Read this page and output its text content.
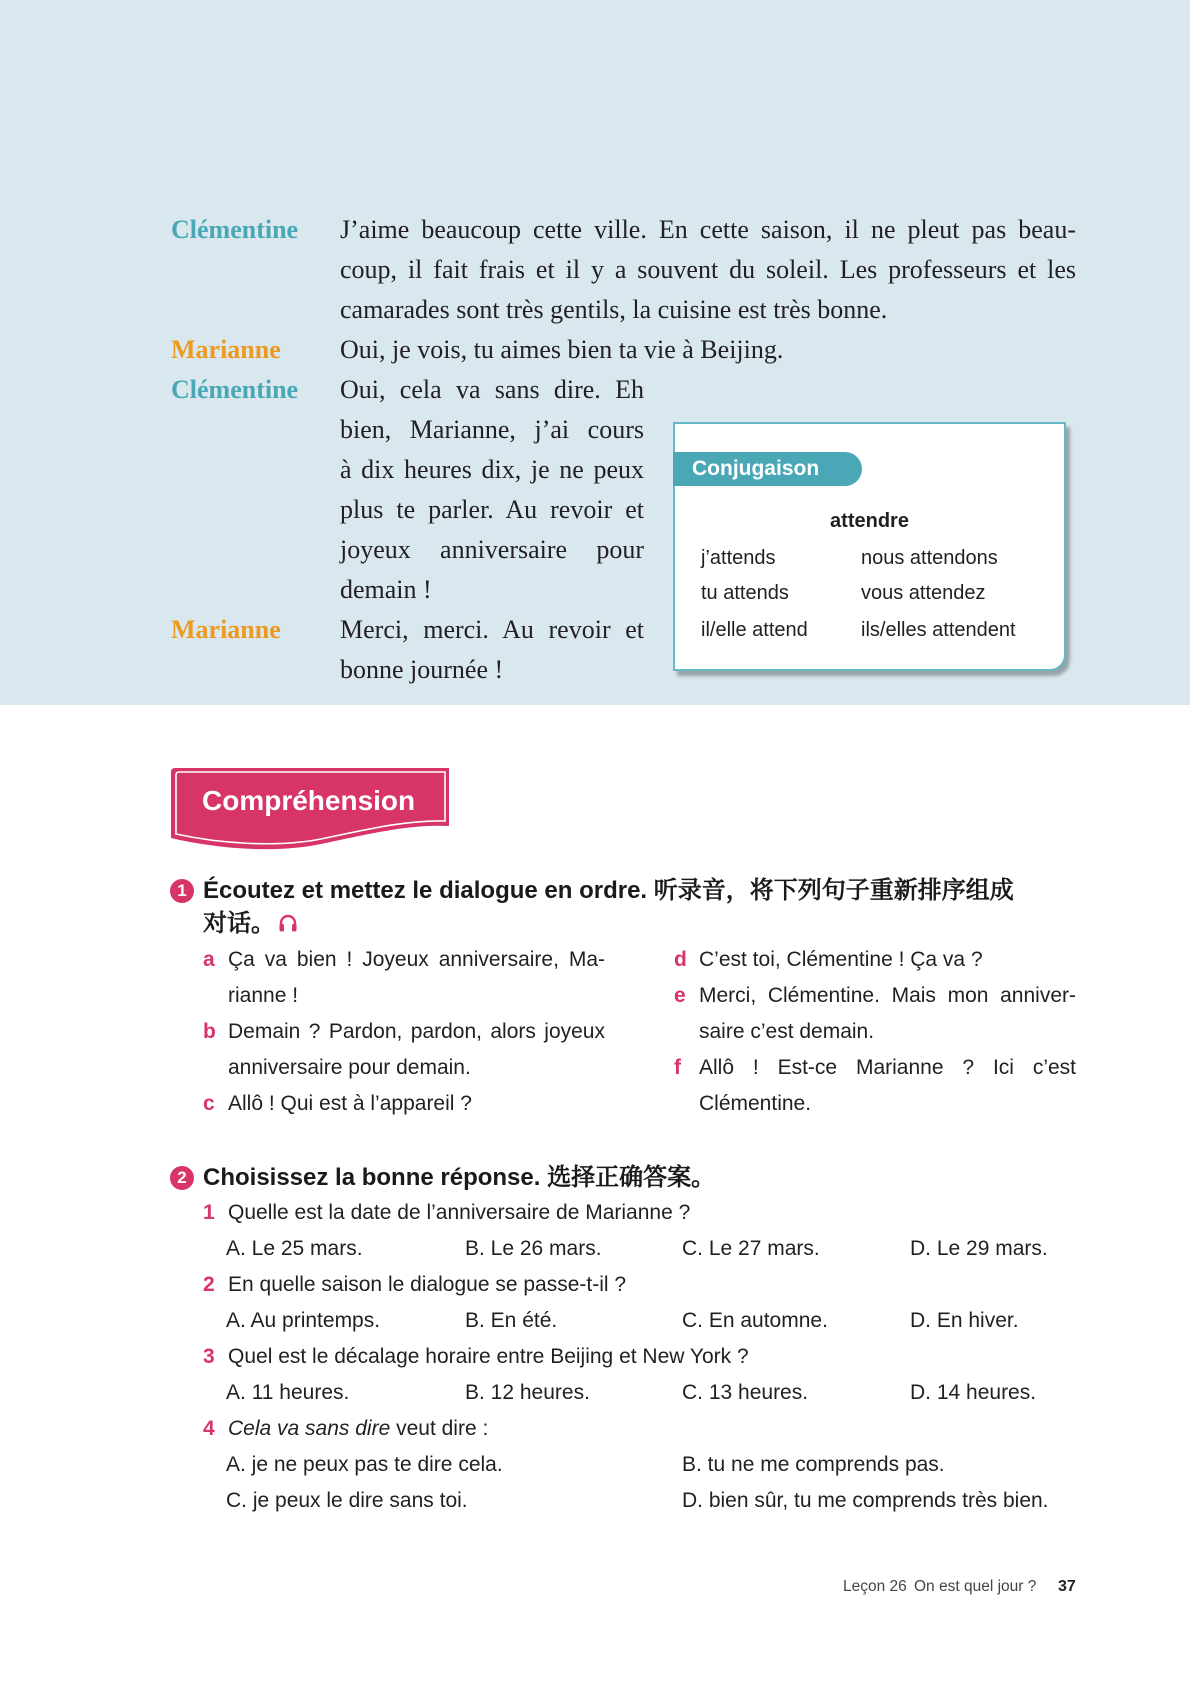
Clémentine J’aime beaucoup cette ville. En cette saison, il ne pleut pas beau-
coup, il fait frais et il y a souvent du soleil. Les professeurs et les
camarades sont très gentils, la cuisine est très bonne.
Marianne Oui, je vois, tu aimes bien ta vie à Beijing.
Clémentine Oui, cela va sans dire. Eh
bien, Marianne, j’ai cours
à dix heures dix, je ne peux
plus te parler. Au revoir et
joyeux anniversaire pour
demain !
Marianne Merci, merci. Au revoir et
bonne journée !
Conjugaison
attendre
j’attends	nous attendons
tu attends	vous attendez
il/elle attend	ils/elles attendent
Compréhension
1 Écoutez et mettez le dialogue en ordre. 听录音，将下列句子重新排序组成
对话。
a Ça va bien ! Joyeux anniversaire, Ma-
rianne !
b Demain ? Pardon, pardon, alors joyeux
anniversaire pour demain.
c Allô ! Qui est à l’appareil ?
d C’est toi, Clémentine ! Ça va ?
e Merci, Clémentine. Mais mon anniver-
saire c’est demain.
f Allô ! Est-ce Marianne ? Ici c’est
Clémentine.
2 Choisissez la bonne réponse. 选择正确答案。
1 Quelle est la date de l’anniversaire de Marianne ?
A. Le 25 mars.	B. Le 26 mars.	C. Le 27 mars.	D. Le 29 mars.
2 En quelle saison le dialogue se passe-t-il ?
A. Au printemps.	B. En été.	C. En automne.	D. En hiver.
3 Quel est le décalage horaire entre Beijing et New York ?
A. 11 heures.	B. 12 heures.	C. 13 heures.	D. 14 heures.
4 Cela va sans dire veut dire :
A. je ne peux pas te dire cela.	B. tu ne me comprends pas.
C. je peux le dire sans toi.	D. bien sûr, tu me comprends très bien.
Leçon 26 On est quel jour ? 37
